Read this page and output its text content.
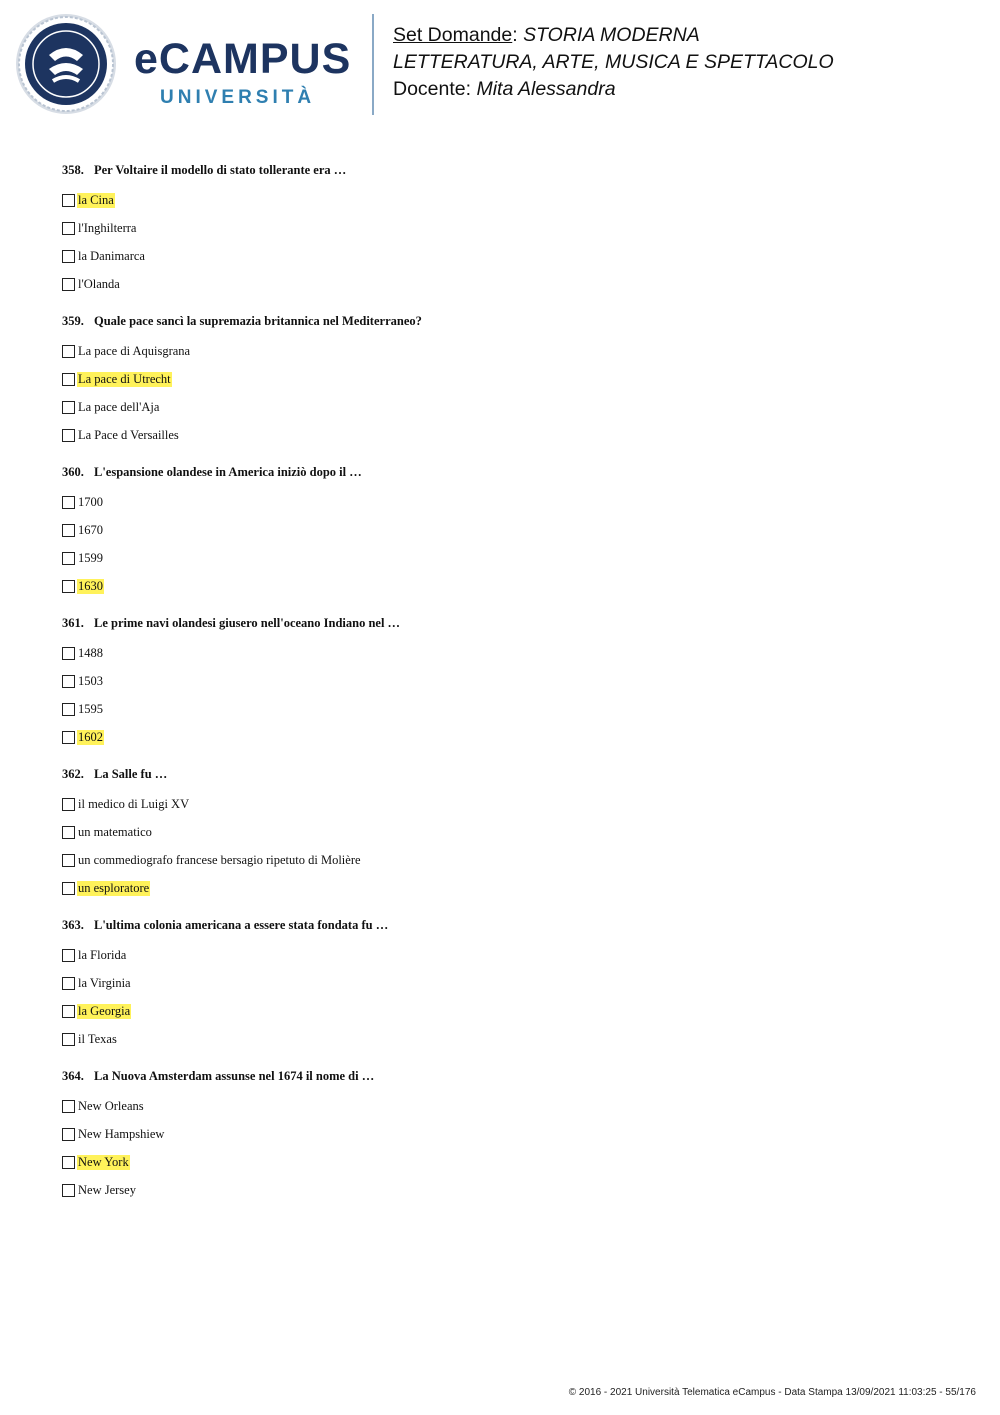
eCAMPUS
UNIVERSITÀ
Set Domande: STORIA MODERNA
LETTERATURA, ARTE, MUSICA E SPETTACOLO
Docente: Mita Alessandra
358. Per Voltaire il modello di stato tollerante era …
la Cina
l'Inghilterra
la Danimarca
l'Olanda
359. Quale pace sancì la supremazia britannica nel Mediterraneo?
La pace di Aquisgrana
La pace di Utrecht
La pace dell'Aja
La Pace d Versailles
360. L'espansione olandese in America iniziò dopo il …
1700
1670
1599
1630
361. Le prime navi olandesi giusero nell'oceano Indiano nel …
1488
1503
1595
1602
362. La Salle fu …
il medico di Luigi XV
un matematico
un commediografo francese bersagio ripetuto di Molière
un esploratore
363. L'ultima colonia americana a essere stata fondata fu …
la Florida
la Virginia
la Georgia
il Texas
364. La Nuova Amsterdam assunse nel 1674 il nome di …
New Orleans
New Hampshiew
New York
New Jersey
© 2016 - 2021 Università Telematica eCampus - Data Stampa 13/09/2021 11:03:25 - 55/176
